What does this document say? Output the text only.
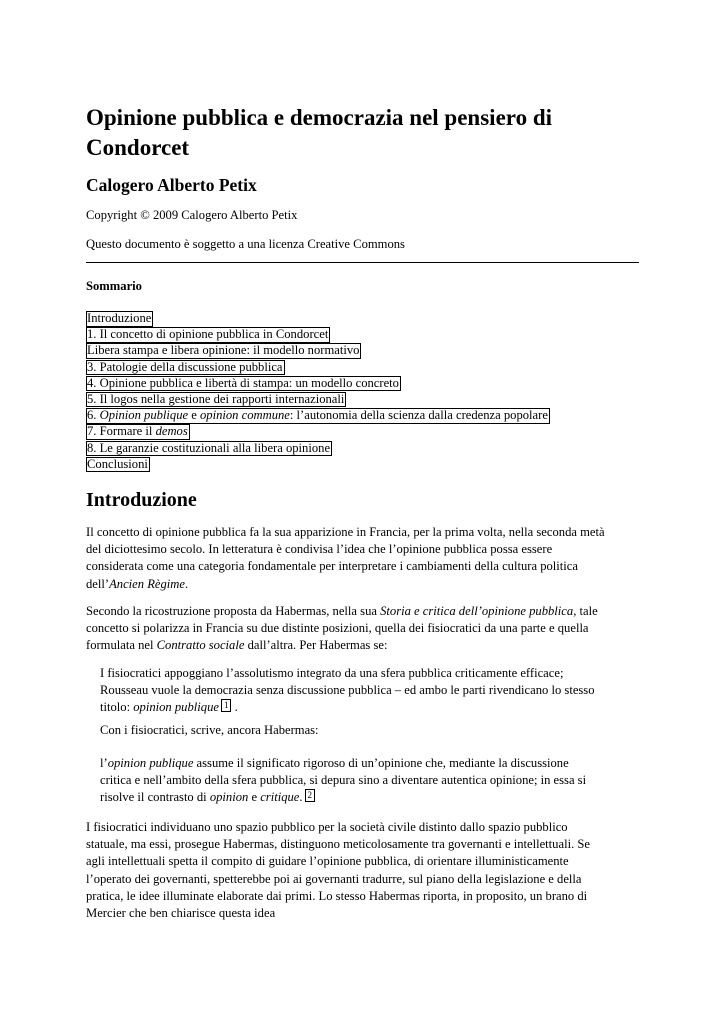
Opinione pubblica e democrazia nel pensiero di Condorcet
Calogero Alberto Petix

Copyright © 2009 Calogero Alberto Petix

Questo documento è soggetto a una licenza Creative Commons

Sommario

Introduzione
1. Il concetto di opinione pubblica in Condorcet
Libera stampa e libera opinione: il modello normativo
3. Patologie della discussione pubblica
4. Opinione pubblica e libertà di stampa: un modello concreto
5. Il logos nella gestione dei rapporti internazionali
6. Opinion publique e opinion commune: l’autonomia della scienza dalla credenza popolare
7. Formare il demos
8. Le garanzie costituzionali alla libera opinione
Conclusioni
Introduzione

Il concetto di opinione pubblica fa la sua apparizione in Francia, per la prima volta, nella seconda metà
del diciottesimo secolo. In letteratura è condivisa l’idea che l’opinione pubblica possa essere
considerata come una categoria fondamentale per interpretare i cambiamenti della cultura politica
dell’Ancien Règime.

Secondo la ricostruzione proposta da Habermas, nella sua Storia e critica dell’opinione pubblica, tale
concetto si polarizza in Francia su due distinte posizioni, quella dei fisiocratici da una parte e quella
formulata nel Contratto sociale dall’altra. Per Habermas se:

I fisiocratici appoggiano l’assolutismo integrato da una sfera pubblica criticamente efficace;
Rousseau vuole la democrazia senza discussione pubblica – ed ambo le parti rivendicano lo stesso
titolo: opinion publique 1 .

Con i fisiocratici, scrive, ancora Habermas:

l’opinion publique assume il significato rigoroso di un’opinione che, mediante la discussione
critica e nell’ambito della sfera pubblica, si depura sino a diventare autentica opinione; in essa si
risolve il contrasto di opinion e critique. 2

I fisiocratici individuano uno spazio pubblico per la società civile distinto dallo spazio pubblico
statuale, ma essi, prosegue Habermas, distinguono meticolosamente tra governanti e intellettuali. Se
agli intellettuali spetta il compito di guidare l’opinione pubblica, di orientare illuministicamente
l’operato dei governanti, spetterebbe poi ai governanti tradurre, sul piano della legislazione e della
pratica, le idee illuminate elaborate dai primi. Lo stesso Habermas riporta, in proposito, un brano di
Mercier che ben chiarisce questa idea
